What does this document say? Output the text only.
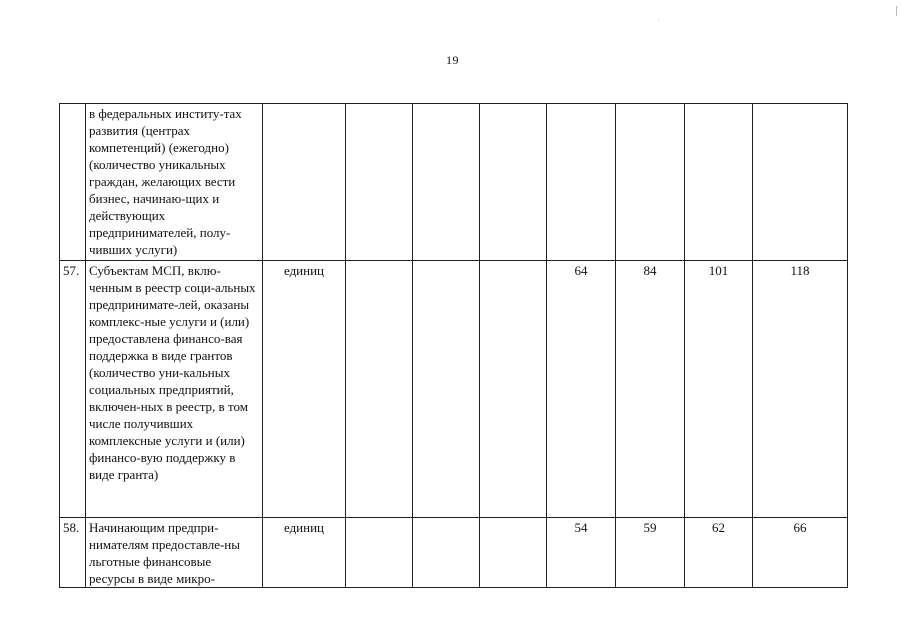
19
	в федеральных институ-тах развития (центрах компетенций) (ежегодно) (количество уникальных граждан, желающих вести бизнес, начинаю-щих и действующих предпринимателей, полу-чивших услуги)								
57.	Субъектам МСП, вклю-ченным в реестр соци-альных предпринимате-лей, оказаны комплекс-ные услуги и (или) предоставлена финансо-вая поддержка в виде грантов (количество уни-кальных социальных предприятий, включен-ных в реестр, в том числе получивших комплексные услуги и (или) финансо-вую поддержку в виде гранта)	единиц				64	84	101	118
58.	Начинающим предпри-нимателям предоставле-ны льготные финансовые ресурсы в виде микро-	единиц				54	59	62	66
